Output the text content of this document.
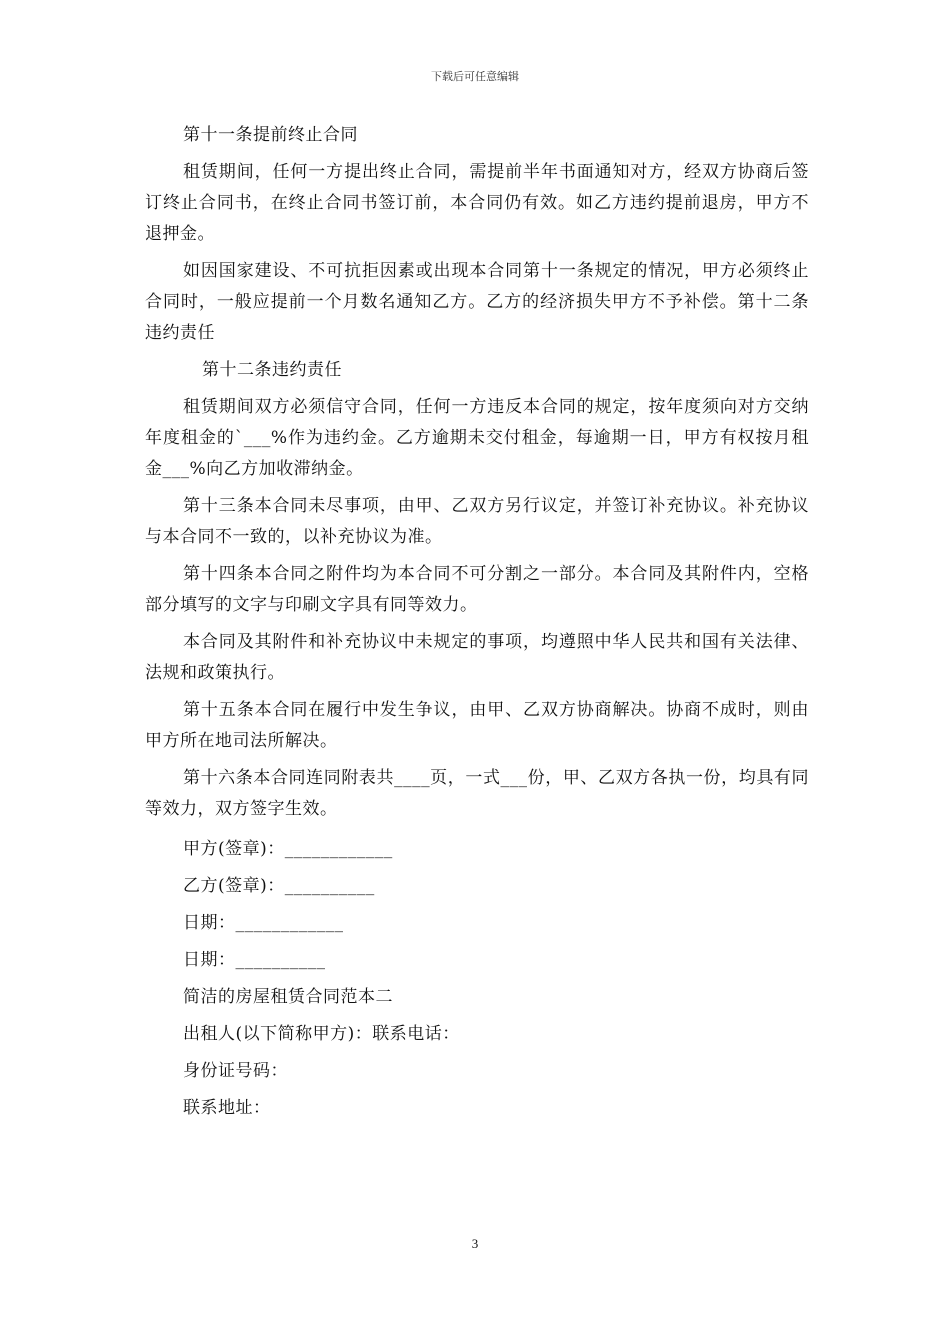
下载后可任意编辑

第十一条提前终止合同

租赁期间，任何一方提出终止合同，需提前半年书面通知对方，经双方协商后签订终止合同书，在终止合同书签订前，本合同仍有效。如乙方违约提前退房，甲方不退押金。

如因国家建设、不可抗拒因素或出现本合同第十一条规定的情况，甲方必须终止合同时，一般应提前一个月数名通知乙方。乙方的经济损失甲方不予补偿。第十二条违约责任

第十二条违约责任

租赁期间双方必须信守合同，任何一方违反本合同的规定，按年度须向对方交纳年度租金的`___%作为违约金。乙方逾期未交付租金，每逾期一日，甲方有权按月租金___%向乙方加收滞纳金。

第十三条本合同未尽事项，由甲、乙双方另行议定，并签订补充协议。补充协议与本合同不一致的，以补充协议为准。

第十四条本合同之附件均为本合同不可分割之一部分。本合同及其附件内，空格部分填写的文字与印刷文字具有同等效力。

本合同及其附件和补充协议中未规定的事项，均遵照中华人民共和国有关法律、法规和政策执行。

第十五条本合同在履行中发生争议，由甲、乙双方协商解决。协商不成时，则由甲方所在地司法所解决。

第十六条本合同连同附表共____页，一式___份，甲、乙双方各执一份，均具有同等效力，双方签字生效。

甲方(签章)：____________

乙方(签章)：__________

日期：____________

日期：__________

简洁的房屋租赁合同范本二

出租人(以下简称甲方)：联系电话：

身份证号码：

联系地址：

3
